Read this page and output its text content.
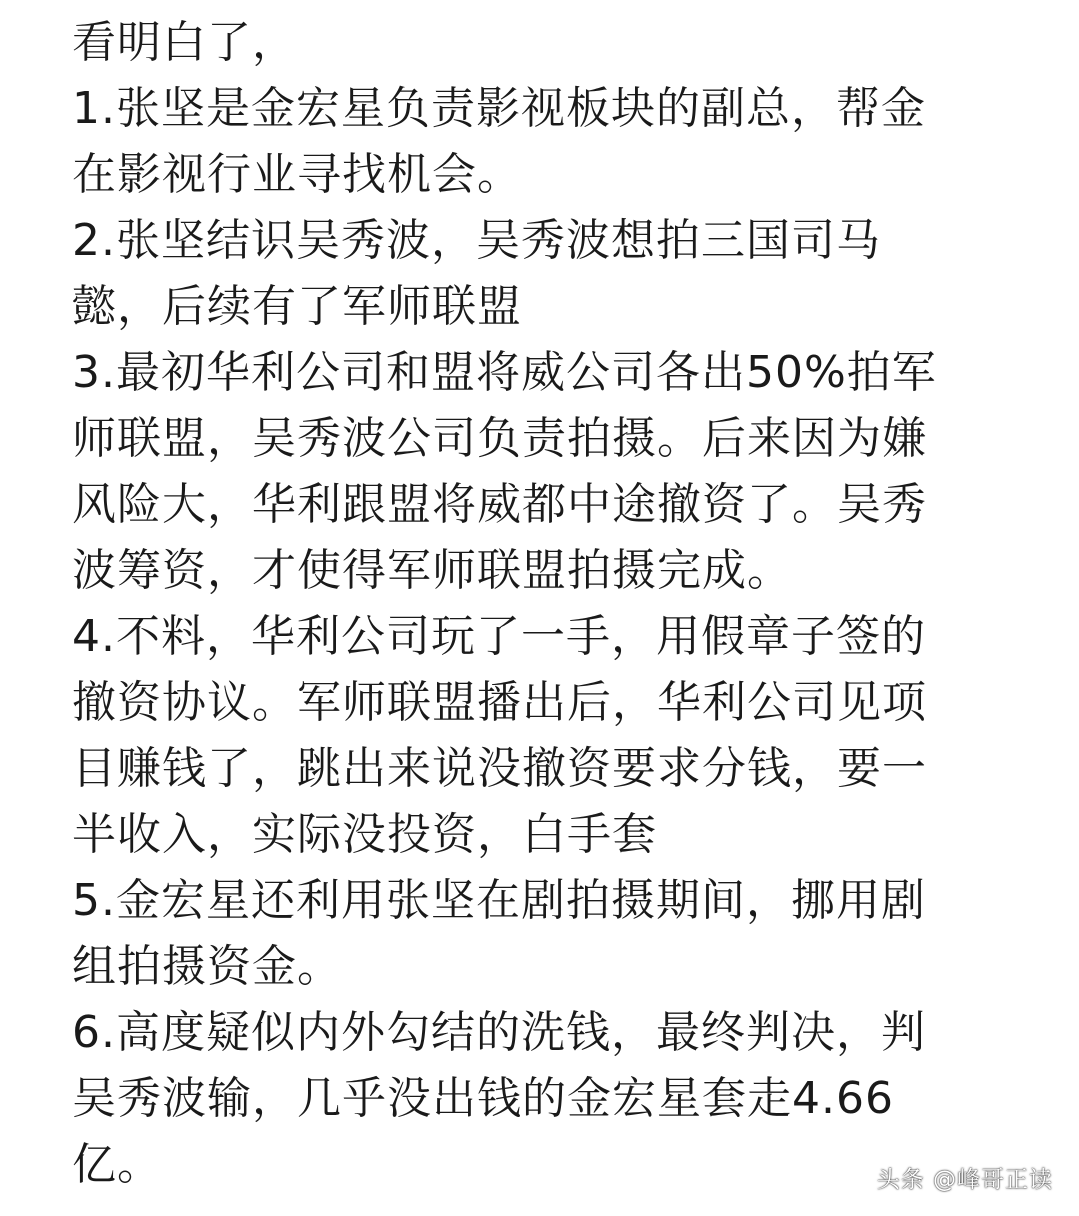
看明白了，
1.张坚是金宏星负责影视板块的副总，帮金
在影视行业寻找机会。
2.张坚结识吴秀波，吴秀波想拍三国司马
懿，后续有了军师联盟
3.最初华利公司和盟将威公司各出50%拍军
师联盟，吴秀波公司负责拍摄。后来因为嫌
风险大，华利跟盟将威都中途撤资了。吴秀
波筹资，才使得军师联盟拍摄完成。
4.不料，华利公司玩了一手，用假章子签的
撤资协议。军师联盟播出后，华利公司见项
目赚钱了，跳出来说没撤资要求分钱，要一
半收入，实际没投资，白手套
5.金宏星还利用张坚在剧拍摄期间，挪用剧
组拍摄资金。
6.高度疑似内外勾结的洗钱，最终判决，判
吴秀波输，几乎没出钱的金宏星套走4.66
亿。	头条 @峰哥正读
